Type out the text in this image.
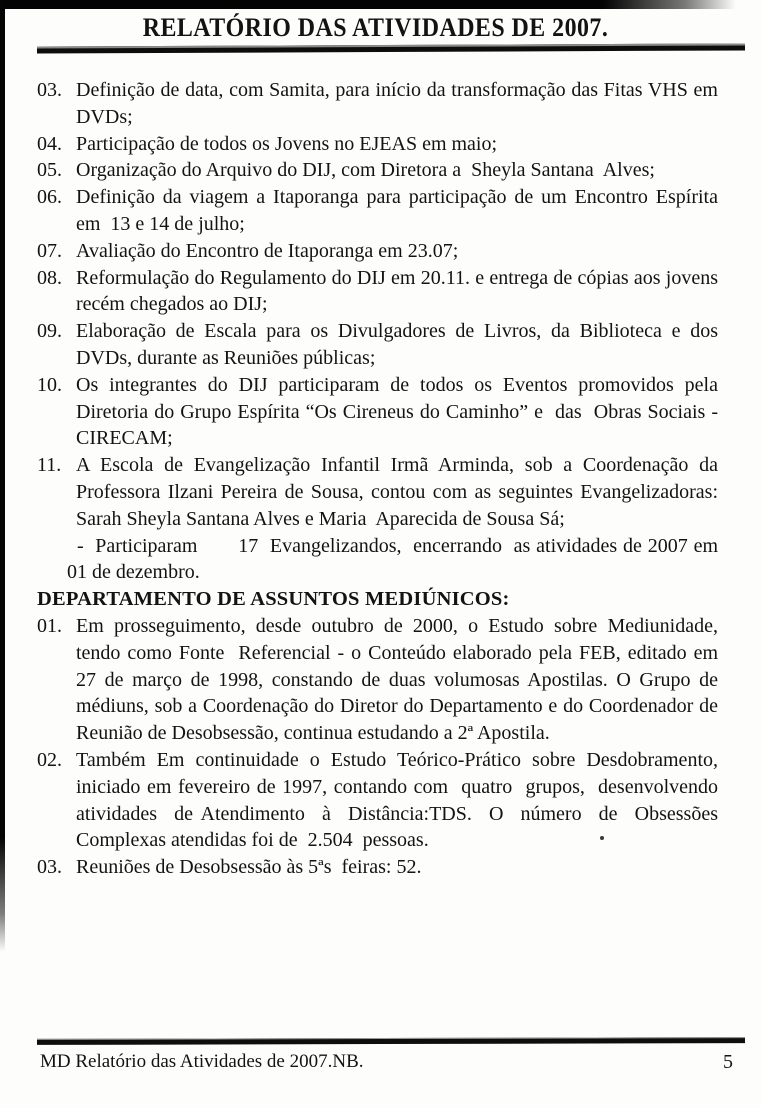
RELATÓRIO DAS ATIVIDADES DE 2007.
03. Definição de data, com Samita, para início da transformação das Fitas VHS em DVDs;
04. Participação de todos os Jovens no EJEAS em maio;
05. Organização do Arquivo do DIJ, com Diretora a  Sheyla Santana  Alves;
06. Definição da viagem a Itaporanga para participação de um Encontro Espírita em  13 e 14 de julho;
07. Avaliação do Encontro de Itaporanga em 23.07;
08. Reformulação do Regulamento do DIJ em 20.11. e entrega de cópias aos jovens recém chegados ao DIJ;
09. Elaboração de Escala para os Divulgadores de Livros, da Biblioteca e dos DVDs, durante as Reuniões públicas;
10. Os integrantes do DIJ participaram de todos os Eventos promovidos pela Diretoria do Grupo Espírita “Os Cireneus do Caminho” e  das  Obras Sociais - CIRECAM;
11. A Escola de Evangelização Infantil Irmã Arminda, sob a Coordenação da Professora Ilzani Pereira de Sousa, contou com as seguintes Evangelizadoras: Sarah Sheyla Santana Alves e Maria  Aparecida de Sousa Sá;
-  Participaram       17  Evangelizandos,  encerrando  as atividades de 2007 em 01 de dezembro.
DEPARTAMENTO DE ASSUNTOS MEDIÚNICOS:
01. Em prosseguimento, desde outubro de 2000, o Estudo sobre Mediunidade, tendo como Fonte  Referencial - o Conteúdo elaborado pela FEB, editado em 27 de março de 1998, constando de duas volumosas Apostilas. O Grupo de médiuns, sob a Coordenação do Diretor do Departamento e do Coordenador de Reunião de Desobsessão, continua estudando a 2ª Apostila.
02. Também Em continuidade o Estudo Teórico-Prático sobre Desdobramento, iniciado em fevereiro de 1997, contando com  quatro  grupos,  desenvolvendo  atividades  de Atendimento  à  Distância:TDS.  O  número  de  Obsessões Complexas atendidas foi de  2.504  pessoas.
03. Reuniões de Desobsessão às 5ªs  feiras: 52.
MD Relatório das Atividades de 2007.NB.	5
